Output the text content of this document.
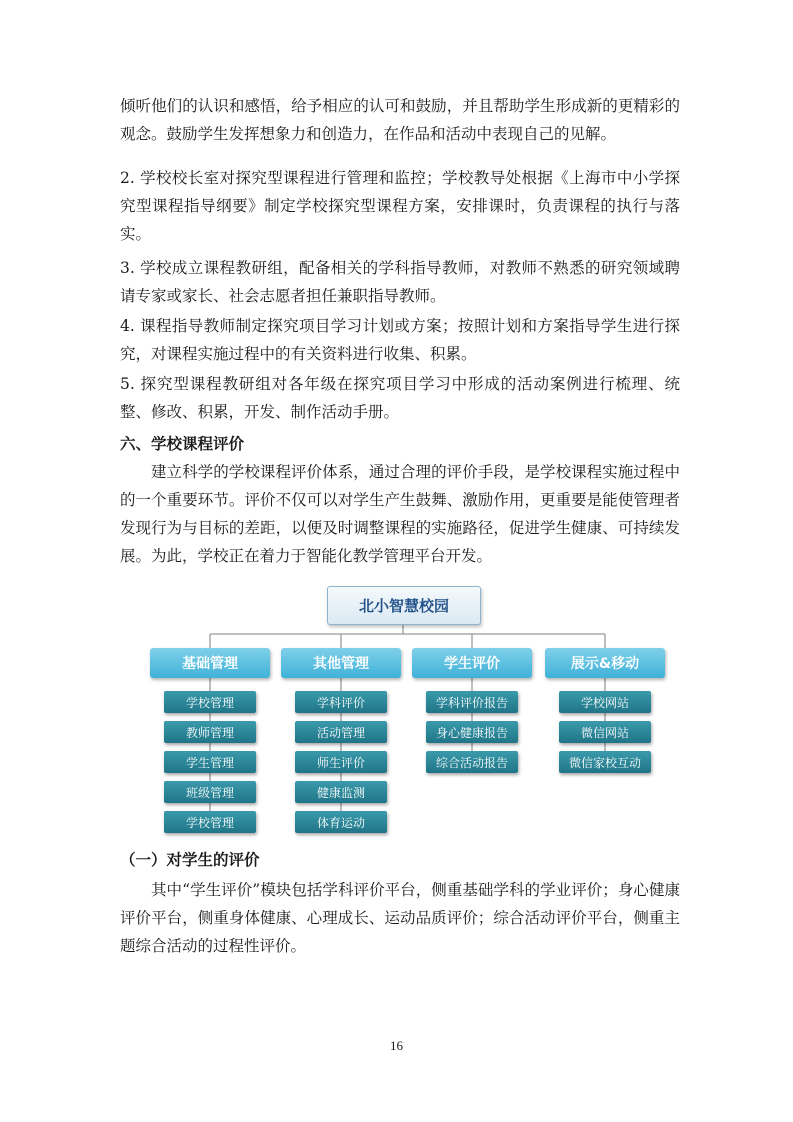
倾听他们的认识和感悟，给予相应的认可和鼓励，并且帮助学生形成新的更精彩的观念。鼓励学生发挥想象力和创造力，在作品和活动中表现自己的见解。

2. 学校校长室对探究型课程进行管理和监控；学校教导处根据《上海市中小学探究型课程指导纲要》制定学校探究型课程方案，安排课时，负责课程的执行与落实。

3. 学校成立课程教研组，配备相关的学科指导教师，对教师不熟悉的研究领域聘请专家或家长、社会志愿者担任兼职指导教师。

4. 课程指导教师制定探究项目学习计划或方案；按照计划和方案指导学生进行探究，对课程实施过程中的有关资料进行收集、积累。

5. 探究型课程教研组对各年级在探究项目学习中形成的活动案例进行梳理、统整、修改、积累，开发、制作活动手册。

六、学校课程评价

建立科学的学校课程评价体系，通过合理的评价手段，是学校课程实施过程中的一个重要环节。评价不仅可以对学生产生鼓舞、激励作用，更重要是能使管理者发现行为与目标的差距，以便及时调整课程的实施路径，促进学生健康、可持续发展。为此，学校正在着力于智能化教学管理平台开发。

北小智慧校园
基础管理
学校管理
教师管理
学生管理
班级管理
学校管理
其他管理
学科评价
活动管理
师生评价
健康监测
体育运动
学生评价
学科评价报告
身心健康报告
综合活动报告
展示&移动
学校网站
微信网站
微信家校互动
（一）对学生的评价

其中“学生评价”模块包括学科评价平台，侧重基础学科的学业评价；身心健康评价平台，侧重身体健康、心理成长、运动品质评价；综合活动评价平台，侧重主题综合活动的过程性评价。

16
